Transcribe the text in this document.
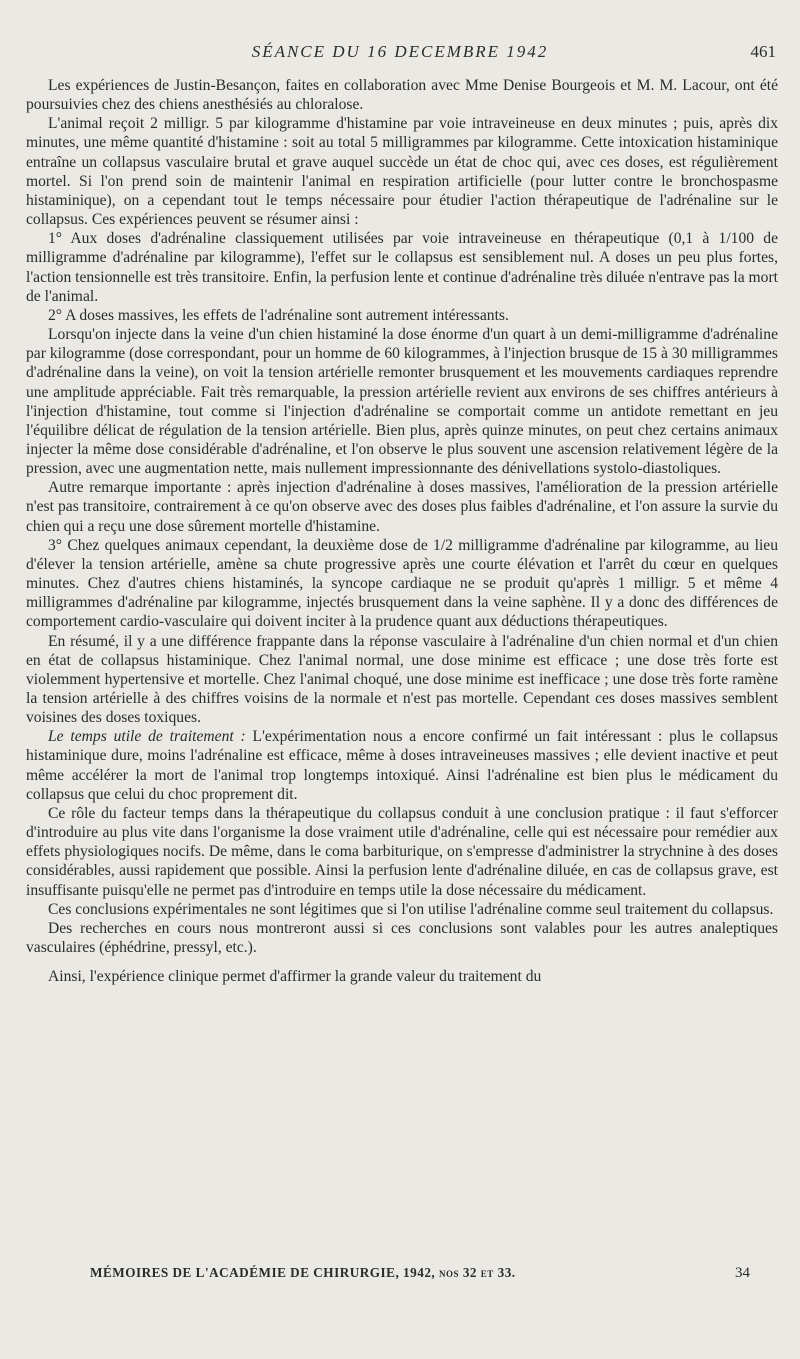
SÉANCE DU 16 DECEMBRE 1942	461

Les expériences de Justin-Besançon, faites en collaboration avec Mme Denise Bourgeois et M. M. Lacour, ont été poursuivies chez des chiens anesthésiés au chloralose.

L'animal reçoit 2 milligr. 5 par kilogramme d'histamine par voie intraveineuse en deux minutes ; puis, après dix minutes, une même quantité d'histamine : soit au total 5 milligrammes par kilogramme. Cette intoxication histaminique entraîne un collapsus vasculaire brutal et grave auquel succède un état de choc qui, avec ces doses, est régulièrement mortel. Si l'on prend soin de maintenir l'animal en respiration artificielle (pour lutter contre le bronchospasme histaminique), on a cependant tout le temps nécessaire pour étudier l'action thérapeutique de l'adrénaline sur le collapsus. Ces expériences peuvent se résumer ainsi :

1° Aux doses d'adrénaline classiquement utilisées par voie intraveineuse en thérapeutique (0,1 à 1/100 de milligramme d'adrénaline par kilogramme), l'effet sur le collapsus est sensiblement nul. A doses un peu plus fortes, l'action tensionnelle est très transitoire. Enfin, la perfusion lente et continue d'adrénaline très diluée n'entrave pas la mort de l'animal.

2° A doses massives, les effets de l'adrénaline sont autrement intéressants.

Lorsqu'on injecte dans la veine d'un chien histaminé la dose énorme d'un quart à un demi-milligramme d'adrénaline par kilogramme (dose correspondant, pour un homme de 60 kilogrammes, à l'injection brusque de 15 à 30 milligrammes d'adrénaline dans la veine), on voit la tension artérielle remonter brusquement et les mouvements cardiaques reprendre une amplitude appréciable. Fait très remarquable, la pression artérielle revient aux environs de ses chiffres antérieurs à l'injection d'histamine, tout comme si l'injection d'adrénaline se comportait comme un antidote remettant en jeu l'équilibre délicat de régulation de la tension artérielle. Bien plus, après quinze minutes, on peut chez certains animaux injecter la même dose considérable d'adrénaline, et l'on observe le plus souvent une ascension relativement légère de la pression, avec une augmentation nette, mais nullement impressionnante des dénivellations systolo-diastoliques.

Autre remarque importante : après injection d'adrénaline à doses massives, l'amélioration de la pression artérielle n'est pas transitoire, contrairement à ce qu'on observe avec des doses plus faibles d'adrénaline, et l'on assure la survie du chien qui a reçu une dose sûrement mortelle d'histamine.

3° Chez quelques animaux cependant, la deuxième dose de 1/2 milligramme d'adrénaline par kilogramme, au lieu d'élever la tension artérielle, amène sa chute progressive après une courte élévation et l'arrêt du cœur en quelques minutes. Chez d'autres chiens histaminés, la syncope cardiaque ne se produit qu'après 1 milligr. 5 et même 4 milligrammes d'adrénaline par kilogramme, injectés brusquement dans la veine saphène. Il y a donc des différences de comportement cardio-vasculaire qui doivent inciter à la prudence quant aux déductions thérapeutiques.

En résumé, il y a une différence frappante dans la réponse vasculaire à l'adrénaline d'un chien normal et d'un chien en état de collapsus histaminique. Chez l'animal normal, une dose minime est efficace ; une dose très forte est violemment hypertensive et mortelle. Chez l'animal choqué, une dose minime est inefficace ; une dose très forte ramène la tension artérielle à des chiffres voisins de la normale et n'est pas mortelle. Cependant ces doses massives semblent voisines des doses toxiques.

Le temps utile de traitement : L'expérimentation nous a encore confirmé un fait intéressant : plus le collapsus histaminique dure, moins l'adrénaline est efficace, même à doses intraveineuses massives ; elle devient inactive et peut même accélérer la mort de l'animal trop longtemps intoxiqué. Ainsi l'adrénaline est bien plus le médicament du collapsus que celui du choc proprement dit.

Ce rôle du facteur temps dans la thérapeutique du collapsus conduit à une conclusion pratique : il faut s'efforcer d'introduire au plus vite dans l'organisme la dose vraiment utile d'adrénaline, celle qui est nécessaire pour remédier aux effets physiologiques nocifs. De même, dans le coma barbiturique, on s'empresse d'administrer la strychnine à des doses considérables, aussi rapidement que possible. Ainsi la perfusion lente d'adrénaline diluée, en cas de collapsus grave, est insuffisante puisqu'elle ne permet pas d'introduire en temps utile la dose nécessaire du médicament.

Ces conclusions expérimentales ne sont légitimes que si l'on utilise l'adrénaline comme seul traitement du collapsus.

Des recherches en cours nous montreront aussi si ces conclusions sont valables pour les autres analeptiques vasculaires (éphédrine, pressyl, etc.).

Ainsi, l'expérience clinique permet d'affirmer la grande valeur du traitement du

MÉMOIRES DE L'ACADÉMIE DE CHIRURGIE, 1942, nos 32 et 33.	34
